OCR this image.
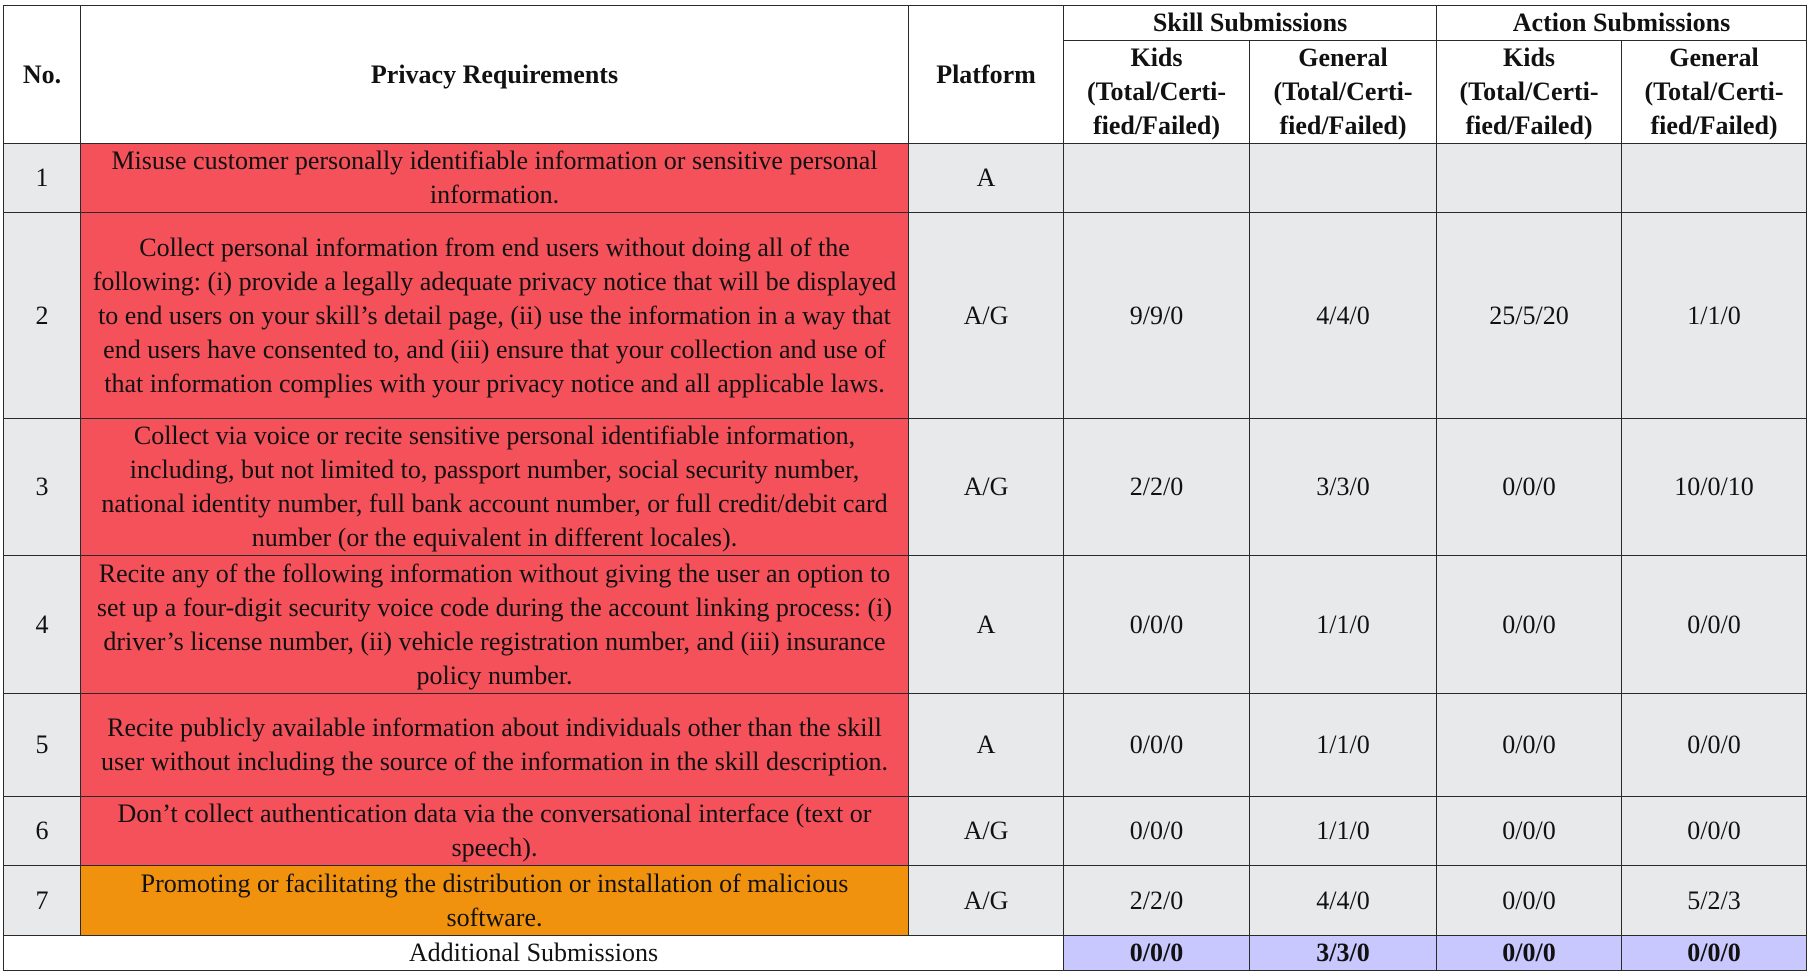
No.	Privacy Requirements	Platform	Skill Submissions		Action Submissions	
			Kids
(Total/Certi-
fied/Failed)	General
(Total/Certi-
fied/Failed)	Kids
(Total/Certi-
fied/Failed)	General
(Total/Certi-
fied/Failed)
1	Misuse customer personally identifiable information or sensitive personal information.	A				
2	Collect personal information from end users without doing all of the following: (i) provide a legally adequate privacy notice that will be displayed to end users on your skill’s detail page, (ii) use the information in a way that end users have consented to, and (iii) ensure that your collection and use of that information complies with your privacy notice and all applicable laws.	A/G	9/9/0	4/4/0	25/5/20	1/1/0
3	Collect via voice or recite sensitive personal identifiable information, including, but not limited to, passport number, social security number, national identity number, full bank account number, or full credit/debit card number (or the equivalent in different locales).	A/G	2/2/0	3/3/0	0/0/0	10/0/10
4	Recite any of the following information without giving the user an option to set up a four-digit security voice code during the account linking process: (i) driver’s license number, (ii) vehicle registration number, and (iii) insurance policy number.	A	0/0/0	1/1/0	0/0/0	0/0/0
5	Recite publicly available information about individuals other than the skill user without including the source of the information in the skill description.	A	0/0/0	1/1/0	0/0/0	0/0/0
6	Don’t collect authentication data via the conversational interface (text or speech).	A/G	0/0/0	1/1/0	0/0/0	0/0/0
7	Promoting or facilitating the distribution or installation of malicious software.	A/G	2/2/0	4/4/0	0/0/0	5/2/3
Additional Submissions			0/0/0	3/3/0	0/0/0	0/0/0
